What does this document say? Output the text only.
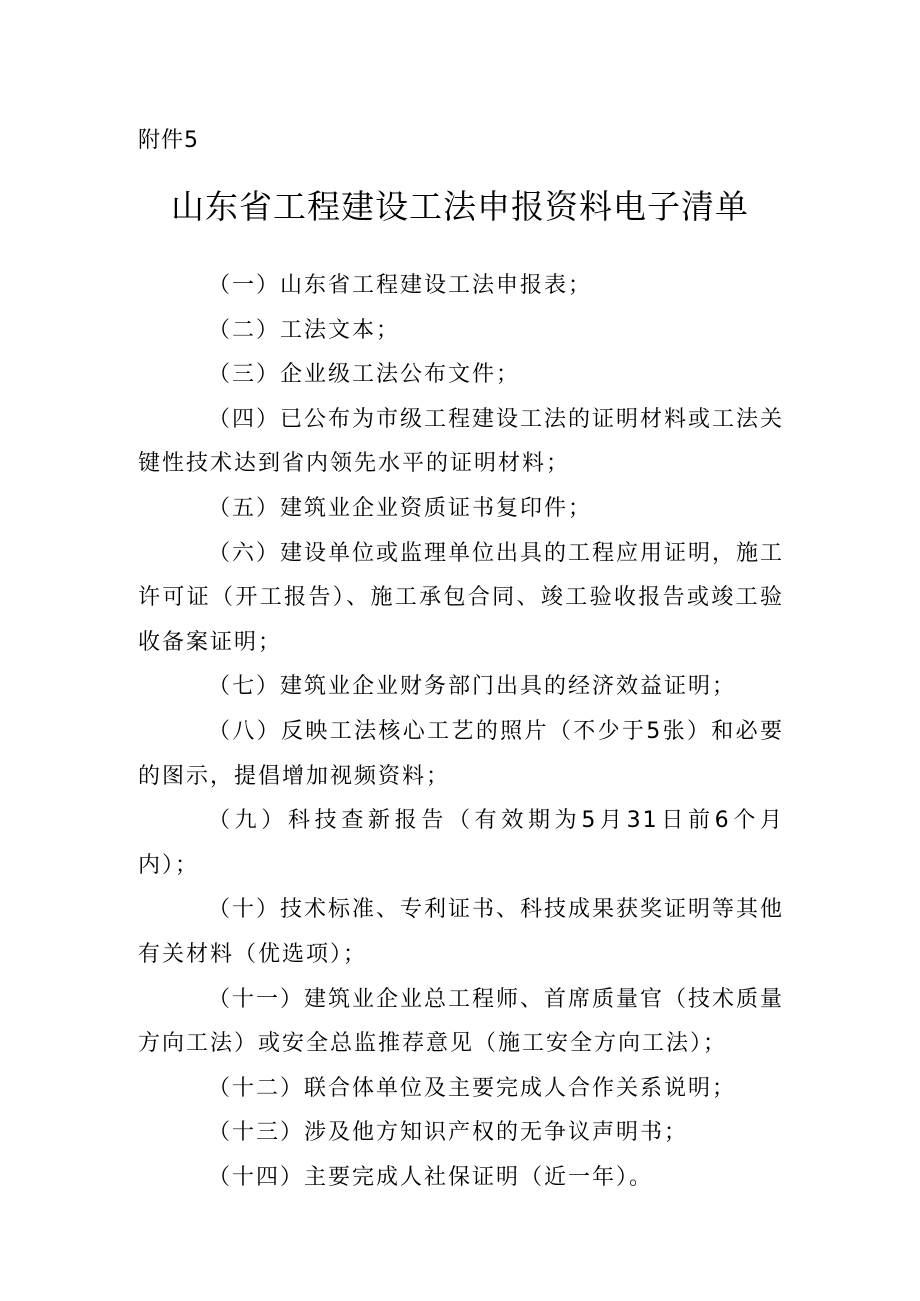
附件5
山东省工程建设工法申报资料电子清单

（一）山东省工程建设工法申报表；

（二）工法文本；

（三）企业级工法公布文件；

（四）已公布为市级工程建设工法的证明材料或工法关键性技术达到省内领先水平的证明材料；

（五）建筑业企业资质证书复印件；

（六）建设单位或监理单位出具的工程应用证明，施工许可证（开工报告）、施工承包合同、竣工验收报告或竣工验收备案证明；

（七）建筑业企业财务部门出具的经济效益证明；

（八）反映工法核心工艺的照片（不少于5张）和必要的图示，提倡增加视频资料；

（九）科技查新报告（有效期为5月31日前6个月内）；

（十）技术标准、专利证书、科技成果获奖证明等其他有关材料（优选项）；

（十一）建筑业企业总工程师、首席质量官（技术质量方向工法）或安全总监推荐意见（施工安全方向工法）；

（十二）联合体单位及主要完成人合作关系说明；

（十三）涉及他方知识产权的无争议声明书；

（十四）主要完成人社保证明（近一年）。
